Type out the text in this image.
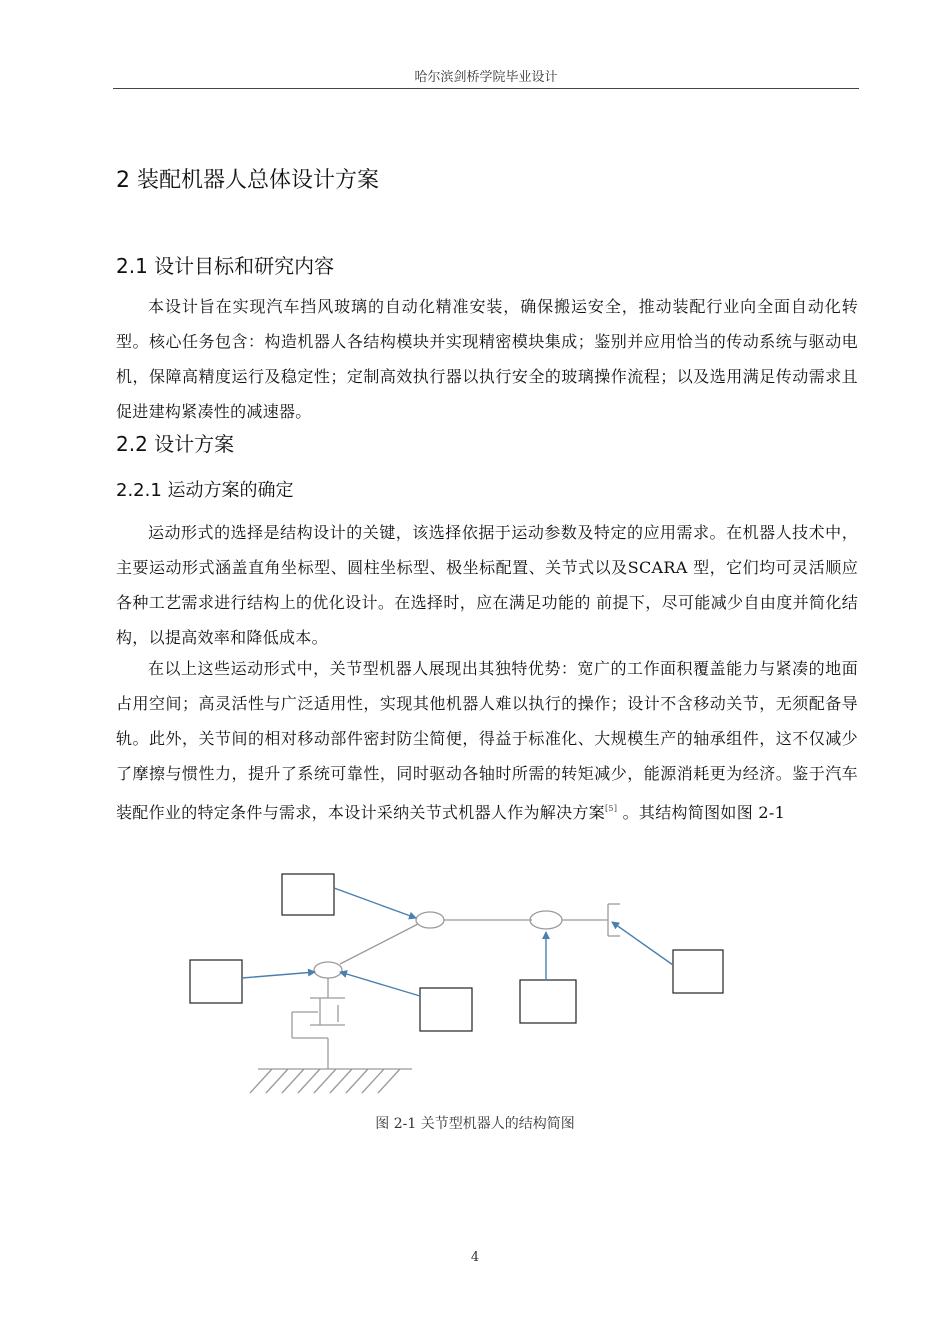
哈尔滨剑桥学院毕业设计
2 装配机器人总体设计方案
2.1 设计目标和研究内容

本设计旨在实现汽车挡风玻璃的自动化精准安装，确保搬运安全，推动装配行业向全面自动化转型。核心任务包含：构造机器人各结构模块并实现精密模块集成；鉴别并应用恰当的传动系统与驱动电机，保障高精度运行及稳定性；定制高效执行器以执行安全的玻璃操作流程；以及选用满足传动需求且促进建构紧凑性的减速器。

2.2 设计方案
2.2.1 运动方案的确定

运动形式的选择是结构设计的关键，该选择依据于运动参数及特定的应用需求。在机器人技术中，主要运动形式涵盖直角坐标型、圆柱坐标型、极坐标配置、关节式以及SCARA 型，它们均可灵活顺应各种工艺需求进行结构上的优化设计。在选择时，应在满足功能的 前提下，尽可能减少自由度并简化结构，以提高效率和降低成本。

在以上这些运动形式中，关节型机器人展现出其独特优势：宽广的工作面积覆盖能力与紧凑的地面占用空间；高灵活性与广泛适用性，实现其他机器人难以执行的操作；设计不含移动关节，无须配备导轨。此外，关节间的相对移动部件密封防尘简便，得益于标准化、大规模生产的轴承组件，这不仅减少了摩擦与惯性力，提升了系统可靠性，同时驱动各轴时所需的转矩减少，能源消耗更为经济。鉴于汽车装配作业的特定条件与需求，本设计采纳关节式机器人作为解决方案[5] 。其结构简图如图 2-1

图 2-1 关节型机器人的结构简图
4
